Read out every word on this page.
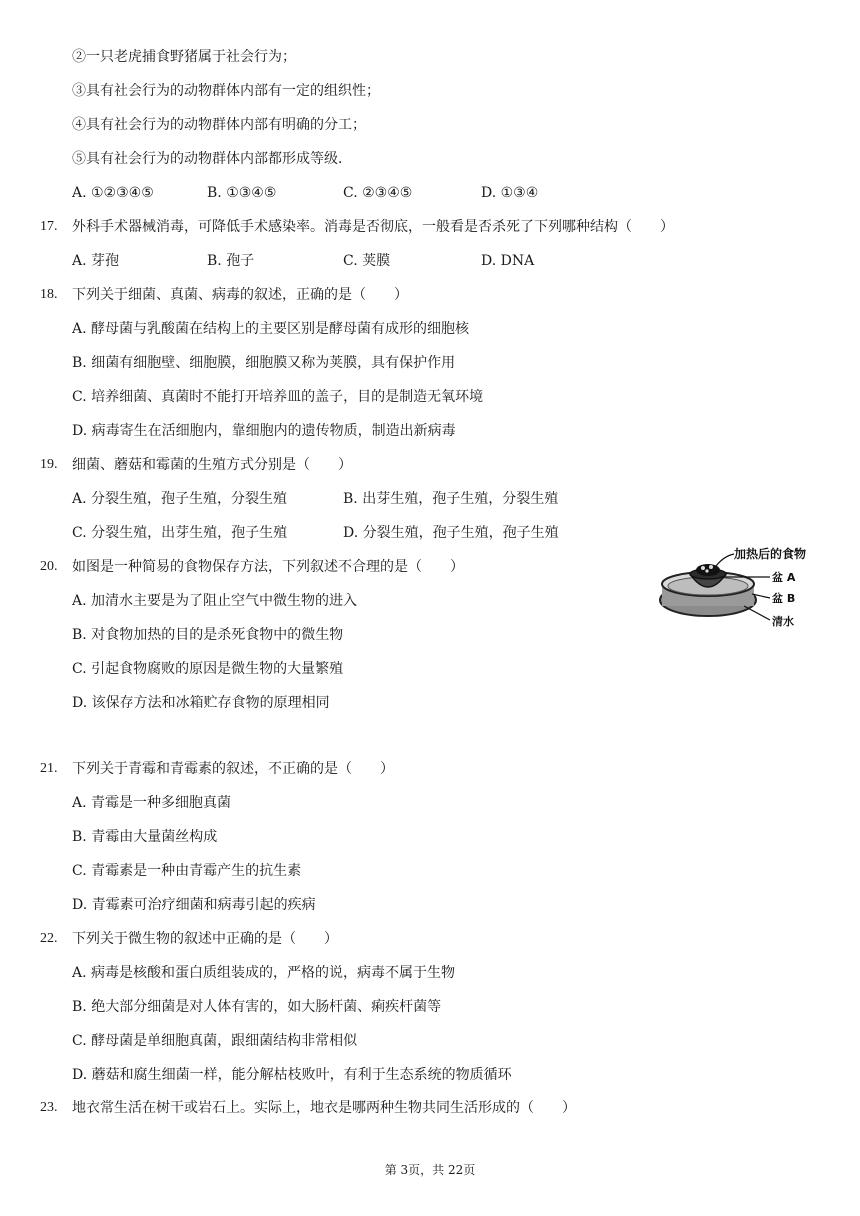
②一只老虎捕食野猪属于社会行为；
③具有社会行为的动物群体内部有一定的组织性；
④具有社会行为的动物群体内部有明确的分工；
⑤具有社会行为的动物群体内部都形成等级．
A. ①②③④⑤	B. ①③④⑤	C. ②③④⑤	D. ①③④
17. 外科手术器械消毒，可降低手术感染率。消毒是否彻底，一般看是否杀死了下列哪种结构（　　）
A. 芽孢	B. 孢子	C. 荚膜	D. DNA
18. 下列关于细菌、真菌、病毒的叙述，正确的是（　　）
A. 酵母菌与乳酸菌在结构上的主要区别是酵母菌有成形的细胞核
B. 细菌有细胞壁、细胞膜，细胞膜又称为荚膜，具有保护作用
C. 培养细菌、真菌时不能打开培养皿的盖子，目的是制造无氧环境
D. 病毒寄生在活细胞内，靠细胞内的遗传物质，制造出新病毒
19. 细菌、蘑菇和霉菌的生殖方式分别是（　　）
A. 分裂生殖，孢子生殖，分裂生殖	B. 出芽生殖，孢子生殖，分裂生殖
C. 分裂生殖，出芽生殖，孢子生殖	D. 分裂生殖，孢子生殖，孢子生殖
20. 如图是一种简易的食物保存方法，下列叙述不合理的是（　　）
A. 加清水主要是为了阻止空气中微生物的进入
B. 对食物加热的目的是杀死食物中的微生物
C. 引起食物腐败的原因是微生物的大量繁殖
D. 该保存方法和冰箱贮存食物的原理相同
加热后的食物
盆 A
盆 B
清水
21. 下列关于青霉和青霉素的叙述，不正确的是（　　）
A. 青霉是一种多细胞真菌
B. 青霉由大量菌丝构成
C. 青霉素是一种由青霉产生的抗生素
D. 青霉素可治疗细菌和病毒引起的疾病
22. 下列关于微生物的叙述中正确的是（　　）
A. 病毒是核酸和蛋白质组装成的，严格的说，病毒不属于生物
B. 绝大部分细菌是对人体有害的，如大肠杆菌、痢疾杆菌等
C. 酵母菌是单细胞真菌，跟细菌结构非常相似
D. 蘑菇和腐生细菌一样，能分解枯枝败叶，有利于生态系统的物质循环
23. 地衣常生活在树干或岩石上。实际上，地衣是哪两种生物共同生活形成的（　　）
第 3页，共 22页
